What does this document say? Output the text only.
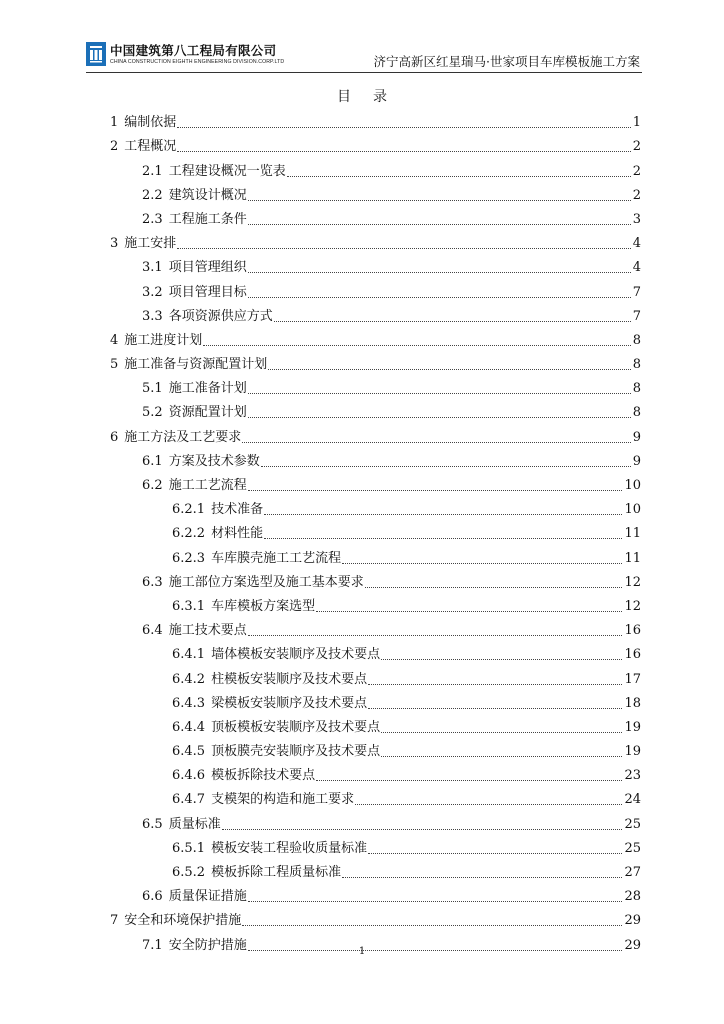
中国建筑第八工程局有限公司
CHINA CONSTRUCTION EIGHTH ENGINEERING DIVISION.CORP.LTD	济宁高新区红星瑞马·世家项目车库模板施工方案
目 录
1 编制依据	1
2 工程概况	2
2.1 工程建设概况一览表	2
2.2 建筑设计概况	2
2.3 工程施工条件	3
3 施工安排	4
3.1 项目管理组织	4
3.2 项目管理目标	7
3.3 各项资源供应方式	7
4 施工进度计划	8
5 施工准备与资源配置计划	8
5.1 施工准备计划	8
5.2 资源配置计划	8
6 施工方法及工艺要求	9
6.1 方案及技术参数	9
6.2 施工工艺流程	10
6.2.1 技术准备	10
6.2.2 材料性能	11
6.2.3 车库膜壳施工工艺流程	11
6.3 施工部位方案选型及施工基本要求	12
6.3.1 车库模板方案选型	12
6.4 施工技术要点	16
6.4.1 墙体模板安装顺序及技术要点	16
6.4.2 柱模板安装顺序及技术要点	17
6.4.3 梁模板安装顺序及技术要点	18
6.4.4 顶板模板安装顺序及技术要点	19
6.4.5 顶板膜壳安装顺序及技术要点	19
6.4.6 模板拆除技术要点	23
6.4.7 支模架的构造和施工要求	24
6.5 质量标准	25
6.5.1 模板安装工程验收质量标准	25
6.5.2 模板拆除工程质量标准	27
6.6 质量保证措施	28
7 安全和环境保护措施	29
7.1 安全防护措施	29
1
